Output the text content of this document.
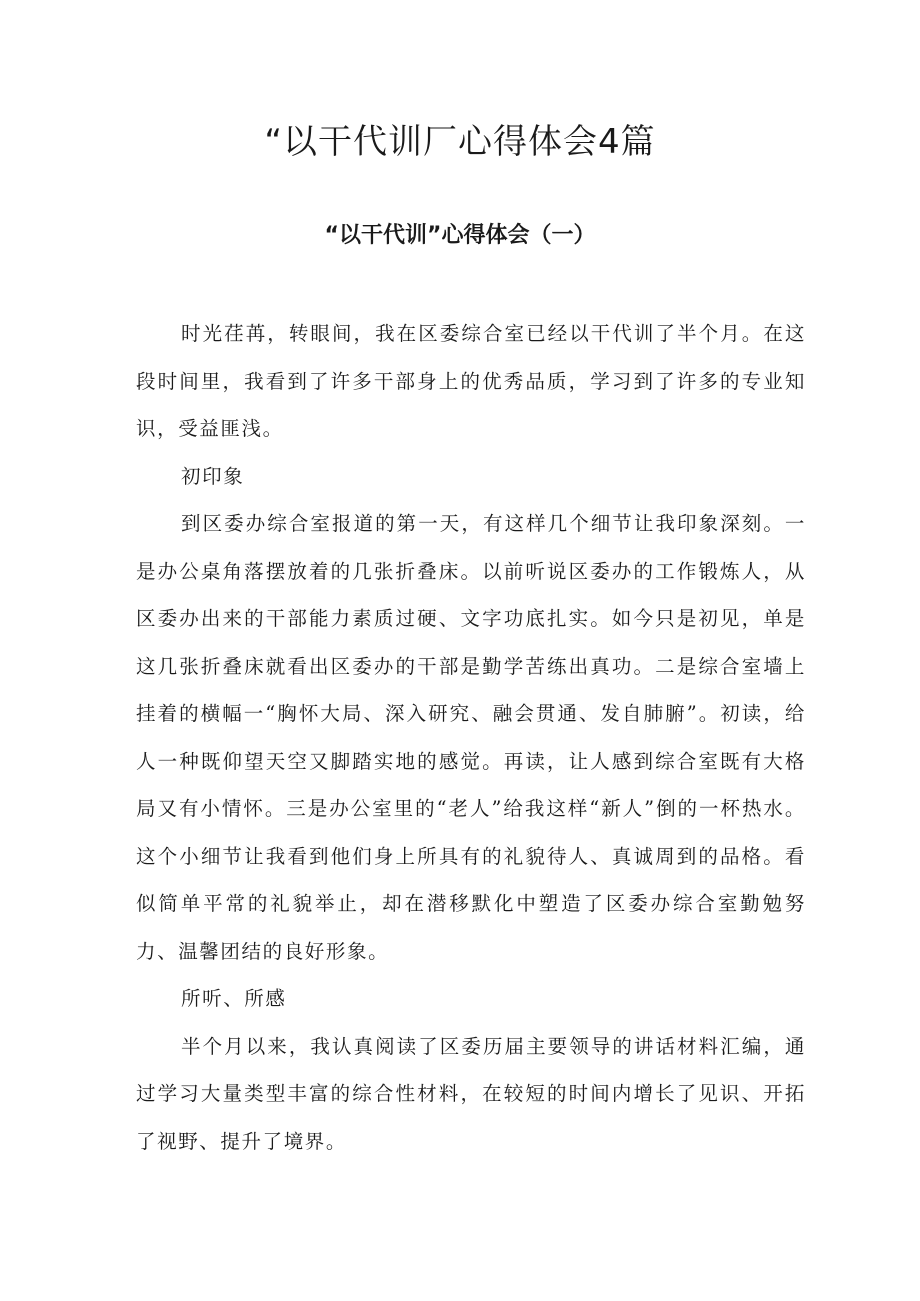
“以干代训厂心得体会4篇
“以干代训”心得体会（一）

时光荏苒，转眼间，我在区委综合室已经以干代训了半个月。在这段时间里，我看到了许多干部身上的优秀品质，学习到了许多的专业知识，受益匪浅。

初印象

到区委办综合室报道的第一天，有这样几个细节让我印象深刻。一是办公桌角落摆放着的几张折叠床。以前听说区委办的工作锻炼人，从区委办出来的干部能力素质过硬、文字功底扎实。如今只是初见，单是这几张折叠床就看出区委办的干部是勤学苦练出真功。二是综合室墙上挂着的横幅一“胸怀大局、深入研究、融会贯通、发自肺腑”。初读，给人一种既仰望天空又脚踏实地的感觉。再读，让人感到综合室既有大格局又有小情怀。三是办公室里的“老人”给我这样“新人”倒的一杯热水。这个小细节让我看到他们身上所具有的礼貌待人、真诚周到的品格。看似简单平常的礼貌举止，却在潜移默化中塑造了区委办综合室勤勉努力、温馨团结的良好形象。

所听、所感

半个月以来，我认真阅读了区委历届主要领导的讲话材料汇编，通过学习大量类型丰富的综合性材料，在较短的时间内增长了见识、开拓了视野、提升了境界。
